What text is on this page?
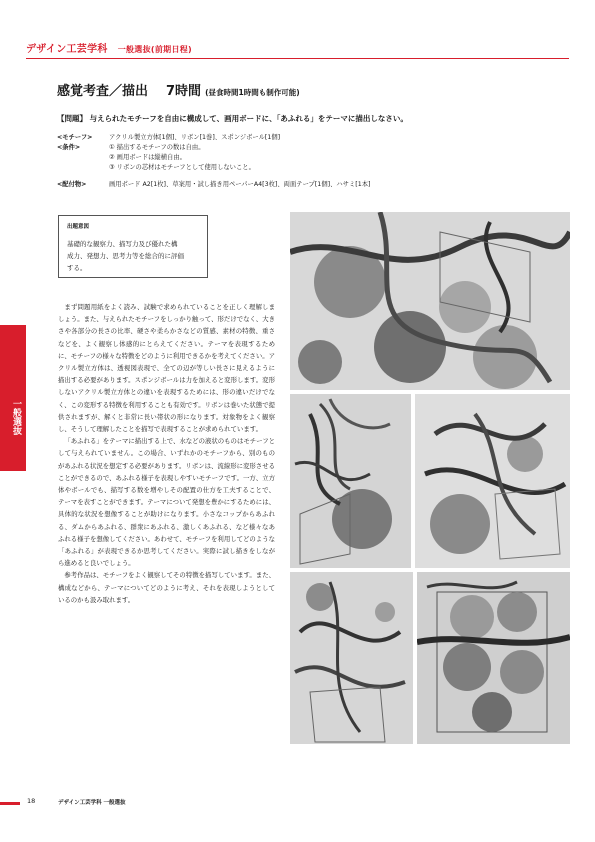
デザイン工芸学科 一般選抜(前期日程)
感覚考査／描出 7時間 (昼食時間1時間も制作可能)
【問題】 与えられたモチーフを自由に構成して、画用ボードに、「あふれる」をテーマに描出しなさい。
<モチーフ>	アクリル製立方体[1個]、リボン[1巻]、スポンジボール[1個]
<条件>	① 描出するモチーフの数は自由。
② 画用ボードは縦横自由。
③ リボンの芯材はモチーフとして使用しないこと。
<配付物>	画用ボード A2[1枚]、草案用・試し描き用ペーパーA4[3枚]、両面テープ[1個]、ハサミ[1本]
出題意図
基礎的な観察力、描写力及び優れた構
成力、発想力、思考力等を総合的に評価
する。

まず問題用紙をよく読み、試験で求められていることを正しく理解しましょう。また、与えられたモチーフをしっかり触って、形だけでなく、大きさや各部分の長さの比率、硬さや柔らかさなどの質感、素材の特徴、重さなどを、よく観察し体感的にとらえてください。テーマを表現するために、モチーフの様々な特徴をどのように利用できるかを考えてください。アクリル製立方体は、透視図表現で、全ての辺が等しい長さに見えるように描出する必要があります。スポンジボールは力を加えると変形します。変形しないアクリル製立方体との違いを表現するためには、形の違いだけでなく、この変形する特徴を利用することも有効です。リボンは巻いた状態で提供されますが、解くと非常に長い帯状の形になります。対象物をよく観察し、そうして理解したことを描写で表現することが求められています。

「あふれる」をテーマに描出する上で、水などの液状のものはモチーフとして与えられていません。この場合、いずれかのモチーフから、別のものがあふれる状況を想定する必要があります。リボンは、流線形に変形させることができるので、あふれる様子を表現しやすいモチーフです。一方、立方体やボールでも、描写する数を増やしその配置の仕方を工夫することで、テーマを表すことができます。テーマについて発想を豊かにするためには、具体的な状況を想像することが助けになります。小さなコップからあふれる、ダムからあふれる、群衆にあふれる、激しくあふれる、など様々なあふれる様子を想像してください。あわせて、モチーフを利用してどのような「あふれる」が表現できるか思考してください。実際に試し描きをしながら進めると良いでしょう。

参考作品は、モチーフをよく観察してその特徴を描写しています。また、構成などから、テーマについてどのように考え、それを表現しようとしているのかも汲み取れます。

一般選抜
18	デザイン工芸学科 一般選抜
